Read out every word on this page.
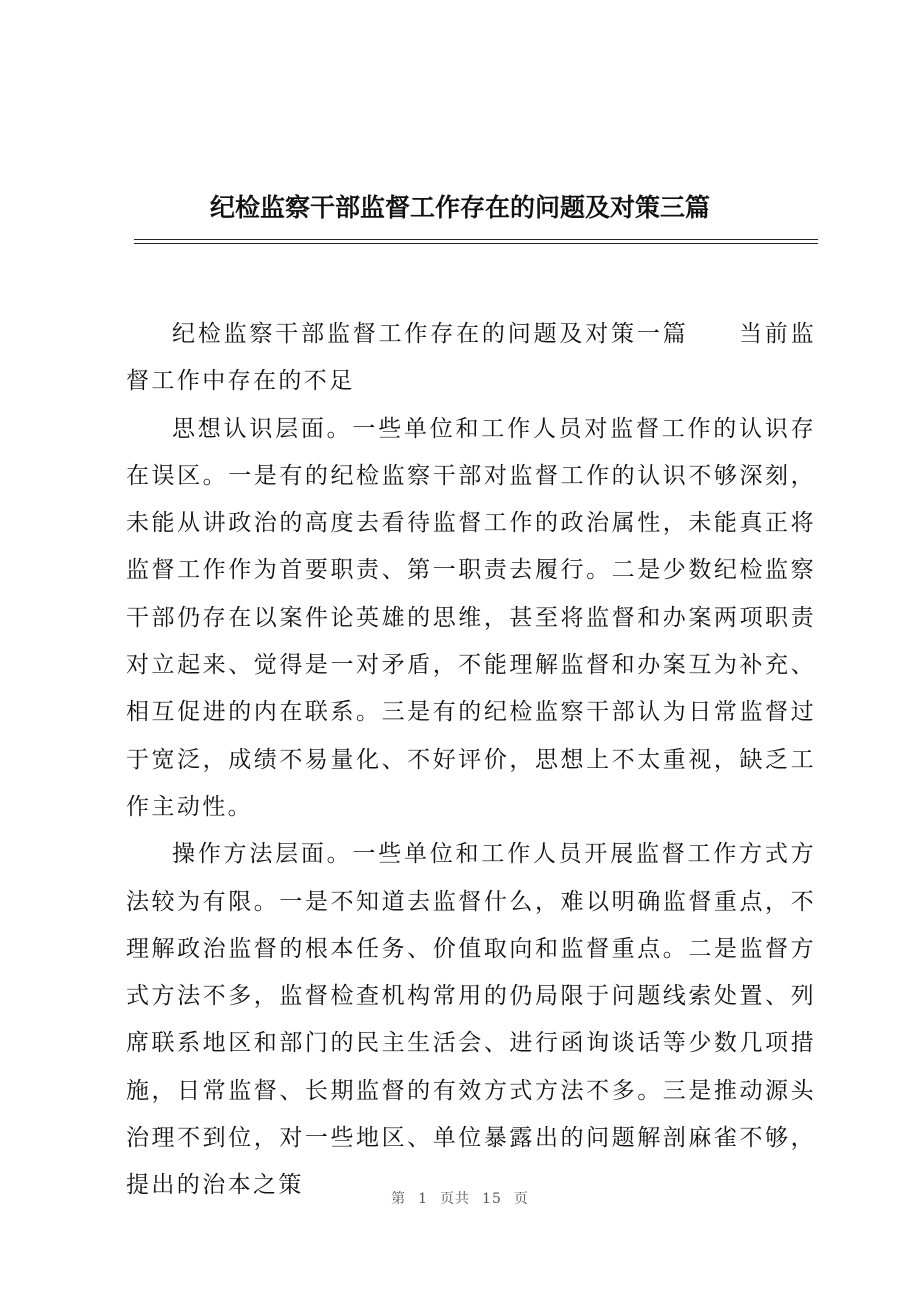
纪检监察干部监督工作存在的问题及对策三篇

纪检监察干部监督工作存在的问题及对策一篇 当前监督工作中存在的不足

思想认识层面。一些单位和工作人员对监督工作的认识存在误区。一是有的纪检监察干部对监督工作的认识不够深刻，未能从讲政治的高度去看待监督工作的政治属性，未能真正将监督工作作为首要职责、第一职责去履行。二是少数纪检监察干部仍存在以案件论英雄的思维，甚至将监督和办案两项职责对立起来、觉得是一对矛盾，不能理解监督和办案互为补充、相互促进的内在联系。三是有的纪检监察干部认为日常监督过于宽泛，成绩不易量化、不好评价，思想上不太重视，缺乏工作主动性。

操作方法层面。一些单位和工作人员开展监督工作方式方法较为有限。一是不知道去监督什么，难以明确监督重点，不理解政治监督的根本任务、价值取向和监督重点。二是监督方式方法不多，监督检查机构常用的仍局限于问题线索处置、列席联系地区和部门的民主生活会、进行函询谈话等少数几项措施，日常监督、长期监督的有效方式方法不多。三是推动源头治理不到位，对一些地区、单位暴露出的问题解剖麻雀不够，提出的治本之策

第 1 页共 15 页
